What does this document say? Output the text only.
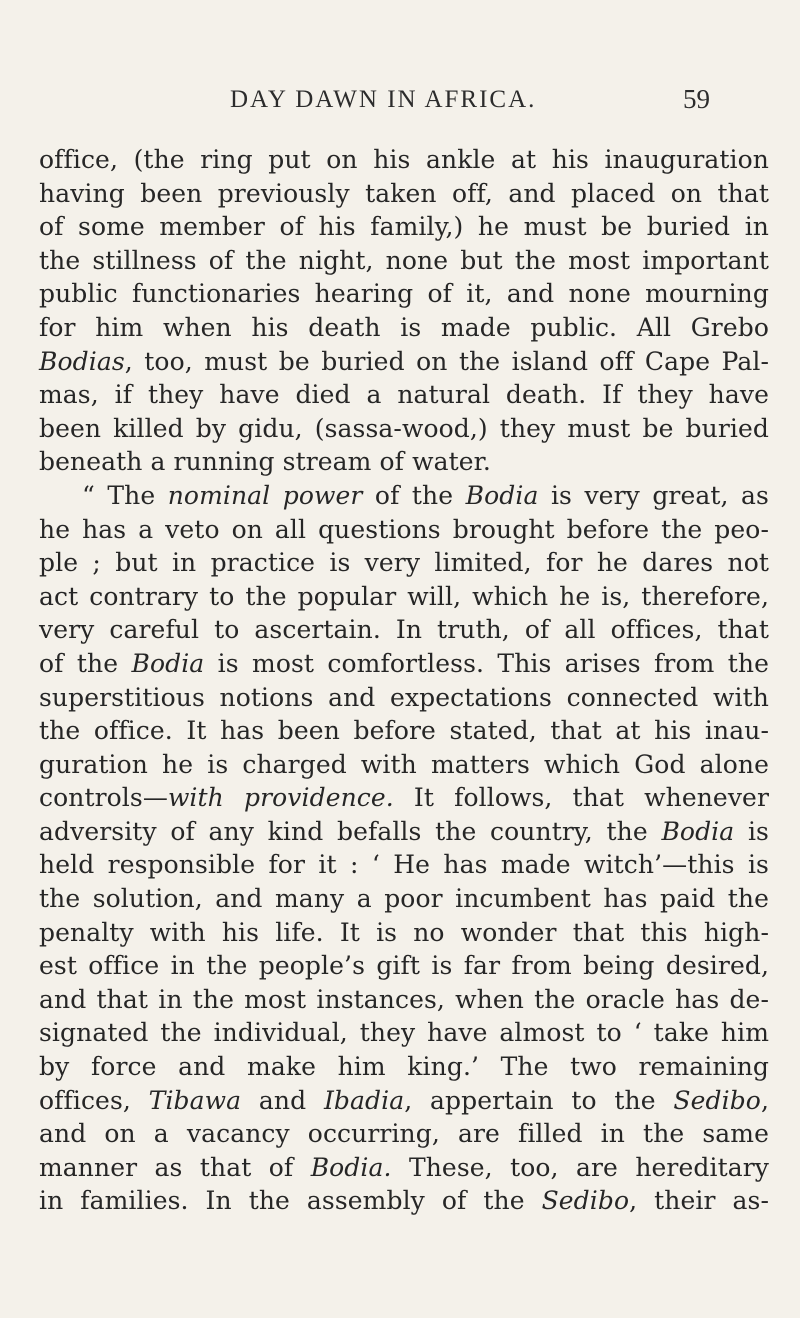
DAY DAWN IN AFRICA.	59
office, (the ring put on his ankle at his inauguration
having been previously taken off, and placed on that
of some member of his family,) he must be buried in
the stillness of the night, none but the most important
public functionaries hearing of it, and none mourning
for him when his death is made public. All Grebo
Bodias, too, must be buried on the island off Cape Pal-
mas, if they have died a natural death. If they have
been killed by gidu, (sassa-wood,) they must be buried
beneath a running stream of water.
“ The nominal power of the Bodia is very great, as
he has a veto on all questions brought before the peo-
ple ; but in practice is very limited, for he dares not
act contrary to the popular will, which he is, therefore,
very careful to ascertain. In truth, of all offices, that
of the Bodia is most comfortless. This arises from the
superstitious notions and expectations connected with
the office. It has been before stated, that at his inau-
guration he is charged with matters which God alone
controls—with providence. It follows, that whenever
adversity of any kind befalls the country, the Bodia is
held responsible for it : ‘ He has made witch’—this is
the solution, and many a poor incumbent has paid the
penalty with his life. It is no wonder that this high-
est office in the people’s gift is far from being desired,
and that in the most instances, when the oracle has de-
signated the individual, they have almost to ‘ take him
by force and make him king.’ The two remaining
offices, Tibawa and Ibadia, appertain to the Sedibo,
and on a vacancy occurring, are filled in the same
manner as that of Bodia. These, too, are hereditary
in families. In the assembly of the Sedibo, their as-
